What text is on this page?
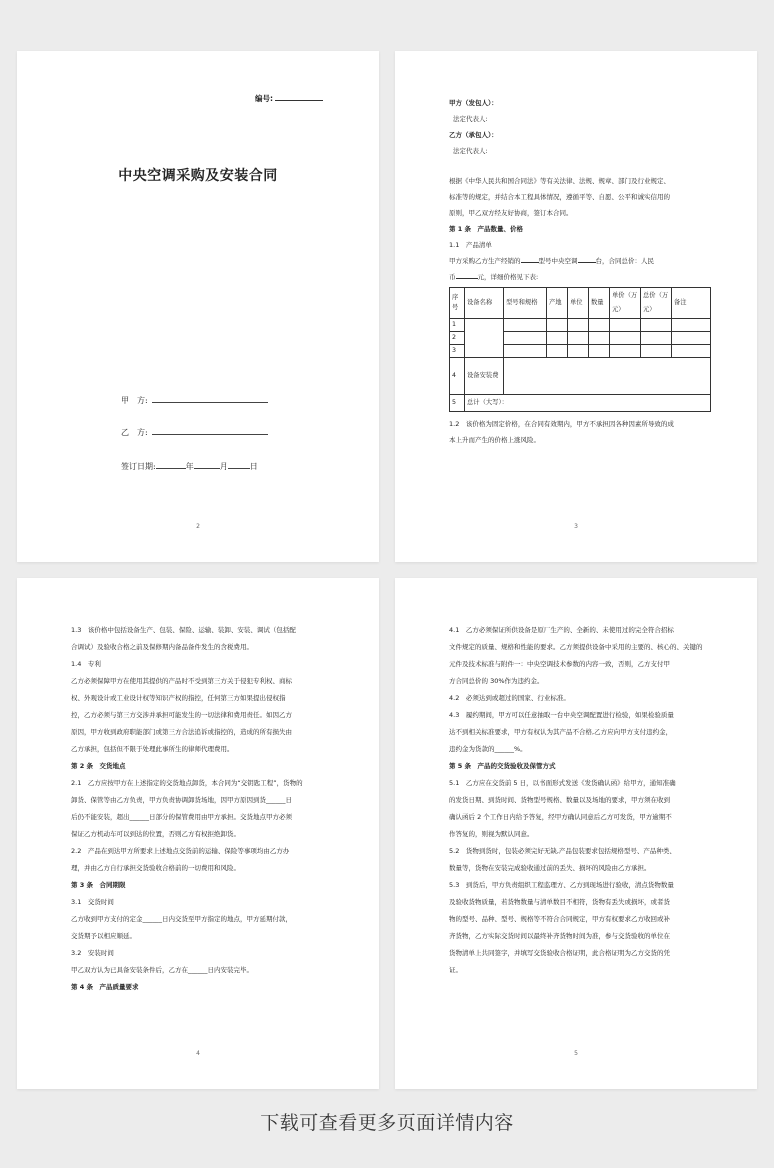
编号:
中央空调采购及安装合同
甲　方:
乙　方:
签订日期:	年	月	日
2

甲方（发包人）：

法定代表人:

乙方（承包人）：

法定代表人:

根据《中华人民共和国合同法》等有关法律、法规、规章、部门及行业规定、

标准等的规定，并结合本工程具体情况，遵循平等、自愿、公平和诚实信用的

原则，甲乙双方经友好协商，签订本合同。

第 1 条　产品数量、价格

1.1　产品清单

甲方采购乙方生产经销的	型号中央空调	台，合同总价：人民

币	元，详细价格见下表:

序号	设备名称	型号和规格	产地	单位	数量	单价（万元）	总价（万元）	备注
1								
2								
3								
4	设备安装费							
5	总计（大写）：							

1.2　该价格为固定价格，在合同有效期内，甲方不承担因各种因素所导致的成

本上升而产生的价格上涨风险。

3

1.3　该价格中包括设备生产、包装、保险、运输、装卸、安装、调试（包括配

合调试）及验收合格之前及保修期内备品备件发生的含税费用。

1.4　专利

乙方必须保障甲方在使用其提供的产品时不受到第三方关于侵犯专利权、商标

权、外观设计或工业设计权等知识产权的指控，任何第三方如果提出侵权指

控，乙方必须与第三方交涉并承担可能发生的一切法律和费用责任。如因乙方

原因，甲方收到政府职能部门或第三方合法追诉或指控的，造成的所有损失由

乙方承担，包括但不限于处理此事所生的律师代理费用。

第 2 条　交货地点

2.1　乙方应按甲方在上述指定的交货地点卸货，本合同为“交钥匙工程”，货物的

卸货、保管等由乙方负责，甲方负责协调卸货场地，因甲方原因到货______日

后仍不能安装，超出______日部分的保管费用由甲方承担。交货地点甲方必须

保证乙方机动车可以到达的位置，否则乙方有权拒绝卸货。

2.2　产品在到达甲方所要求上述地点交货前的运输、保险等事项均由乙方办

理，并由乙方自行承担交货验收合格前的一切费用和风险。

第 3 条　合同期限

3.1　交货时间

乙方收到甲方支付的定金______日内交货至甲方指定的地点，甲方延期付款，

交货期予以相应顺延。

3.2　安装时间

甲乙双方认为已具备安装条件后，乙方在______日内安装完毕。

第 4 条　产品质量要求

4

4.1　乙方必须保证所供设备是原厂生产的、全新的、未使用过的完全符合招标

文件规定的质量、规格和性能的要求。乙方须提供设备中采用的主要的、核心的、关键的

元件及技术标准与附件一：中央空调技术参数的内容一致，否则，乙方支付甲

方合同总价的 30%作为违约金。

4.2　必须达到或超过的国家、行业标准。

4.3　履约期间，甲方可以任意抽取一台中央空调配置进行检验，如果检验质量

达不到相关标准要求，甲方有权认为其产品不合格,乙方应向甲方支付违约金，

违约金为货款的______%。

第 5 条　产品的交货验收及保管方式

5.1　乙方应在交货前 5 日，以书面形式发送《发货确认函》给甲方，通知准确

的发货日期、到货时间、货物型号规格、数量以及场地的要求，甲方须在收到

确认函后 2 个工作日内给予答复，经甲方确认同意后乙方可发货，甲方逾期不

作答复的，则视为默认同意。

5.2　货物到货时，包装必须完好无缺,产品包装要求包括规格型号、产品种类、

数量等，货物在安装完成验收通过前的丢失、损坏的风险由乙方承担。

5.3　到货后，甲方负责组织工程监理方、乙方到现场进行验收，清点货物数量

及验收货物质量，若货物数量与清单数目不相符，货物有丢失或损坏，或者货

物的型号、品种、型号、规格等不符合合同规定，甲方有权要求乙方收回或补

齐货物，乙方实际交货时间以最终补齐货物时间为准，参与交货验收的单位在

货物清单上共同签字，并填写交货验收合格证明，此合格证明为乙方交货的凭

证。

5
下载可查看更多页面详情内容
